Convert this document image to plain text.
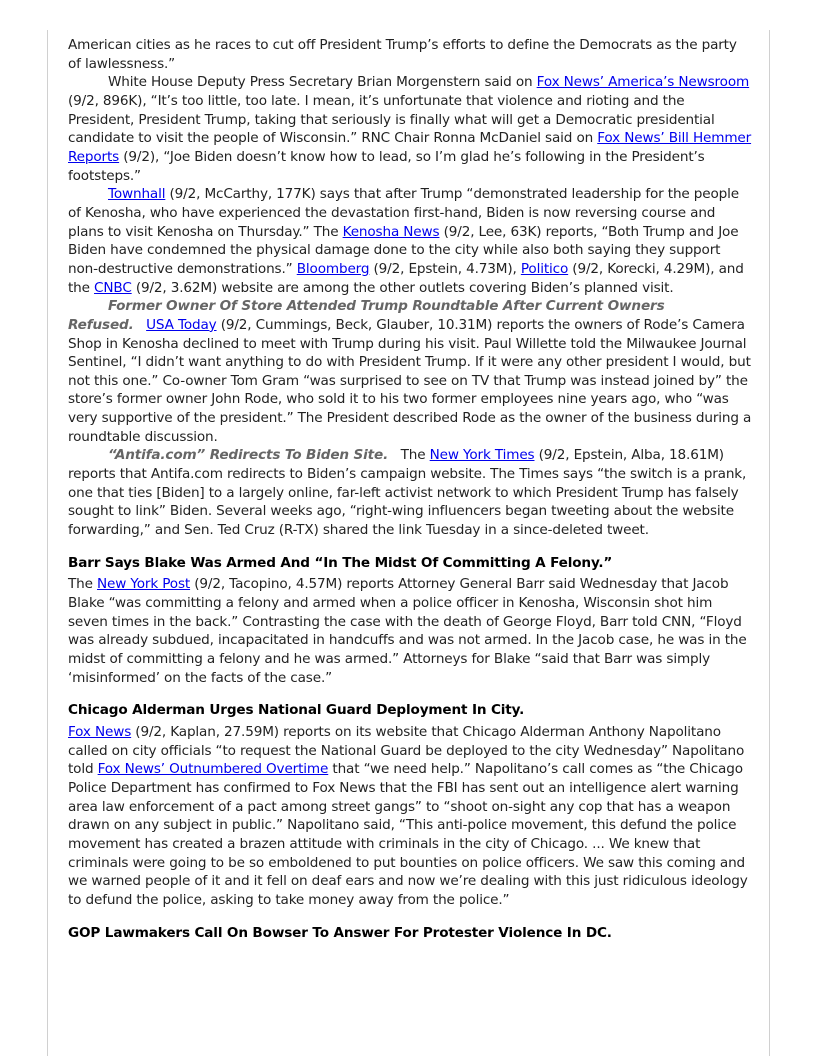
American cities as he races to cut off President Trump’s efforts to define the Democrats as the party of lawlessness.”

White House Deputy Press Secretary Brian Morgenstern said on Fox News’ America’s Newsroom (9/2, 896K), “It’s too little, too late. I mean, it’s unfortunate that violence and rioting and the President, President Trump, taking that seriously is finally what will get a Democratic presidential candidate to visit the people of Wisconsin.” RNC Chair Ronna McDaniel said on Fox News’ Bill Hemmer Reports (9/2), “Joe Biden doesn’t know how to lead, so I’m glad he’s following in the President’s footsteps.”

Townhall (9/2, McCarthy, 177K) says that after Trump “demonstrated leadership for the people of Kenosha, who have experienced the devastation first-hand, Biden is now reversing course and plans to visit Kenosha on Thursday.” The Kenosha News (9/2, Lee, 63K) reports, “Both Trump and Joe Biden have condemned the physical damage done to the city while also both saying they support non-destructive demonstrations.” Bloomberg (9/2, Epstein, 4.73M), Politico (9/2, Korecki, 4.29M), and the CNBC (9/2, 3.62M) website are among the other outlets covering Biden’s planned visit.

Former Owner Of Store Attended Trump Roundtable After Current Owners Refused. USA Today (9/2, Cummings, Beck, Glauber, 10.31M) reports the owners of Rode’s Camera Shop in Kenosha declined to meet with Trump during his visit. Paul Willette told the Milwaukee Journal Sentinel, “I didn’t want anything to do with President Trump. If it were any other president I would, but not this one.” Co-owner Tom Gram “was surprised to see on TV that Trump was instead joined by” the store’s former owner John Rode, who sold it to his two former employees nine years ago, who “was very supportive of the president.” The President described Rode as the owner of the business during a roundtable discussion.

“Antifa.com” Redirects To Biden Site.   The New York Times (9/2, Epstein, Alba, 18.61M) reports that Antifa.com redirects to Biden’s campaign website. The Times says “the switch is a prank, one that ties [Biden] to a largely online, far-left activist network to which President Trump has falsely sought to link” Biden. Several weeks ago, “right-wing influencers began tweeting about the website forwarding,” and Sen. Ted Cruz (R-TX) shared the link Tuesday in a since-deleted tweet.

Barr Says Blake Was Armed And “In The Midst Of Committing A Felony.”

The New York Post (9/2, Tacopino, 4.57M) reports Attorney General Barr said Wednesday that Jacob Blake “was committing a felony and armed when a police officer in Kenosha, Wisconsin shot him seven times in the back.” Contrasting the case with the death of George Floyd, Barr told CNN, “Floyd was already subdued, incapacitated in handcuffs and was not armed. In the Jacob case, he was in the midst of committing a felony and he was armed.” Attorneys for Blake “said that Barr was simply ‘misinformed’ on the facts of the case.”

Chicago Alderman Urges National Guard Deployment In City.

Fox News (9/2, Kaplan, 27.59M) reports on its website that Chicago Alderman Anthony Napolitano called on city officials “to request the National Guard be deployed to the city Wednesday” Napolitano told Fox News’ Outnumbered Overtime that “we need help.” Napolitano’s call comes as “the Chicago Police Department has confirmed to Fox News that the FBI has sent out an intelligence alert warning area law enforcement of a pact among street gangs” to “shoot on-sight any cop that has a weapon drawn on any subject in public.” Napolitano said, “This anti-police movement, this defund the police movement has created a brazen attitude with criminals in the city of Chicago. ... We knew that criminals were going to be so emboldened to put bounties on police officers. We saw this coming and we warned people of it and it fell on deaf ears and now we’re dealing with this just ridiculous ideology to defund the police, asking to take money away from the police.”

GOP Lawmakers Call On Bowser To Answer For Protester Violence In DC.
